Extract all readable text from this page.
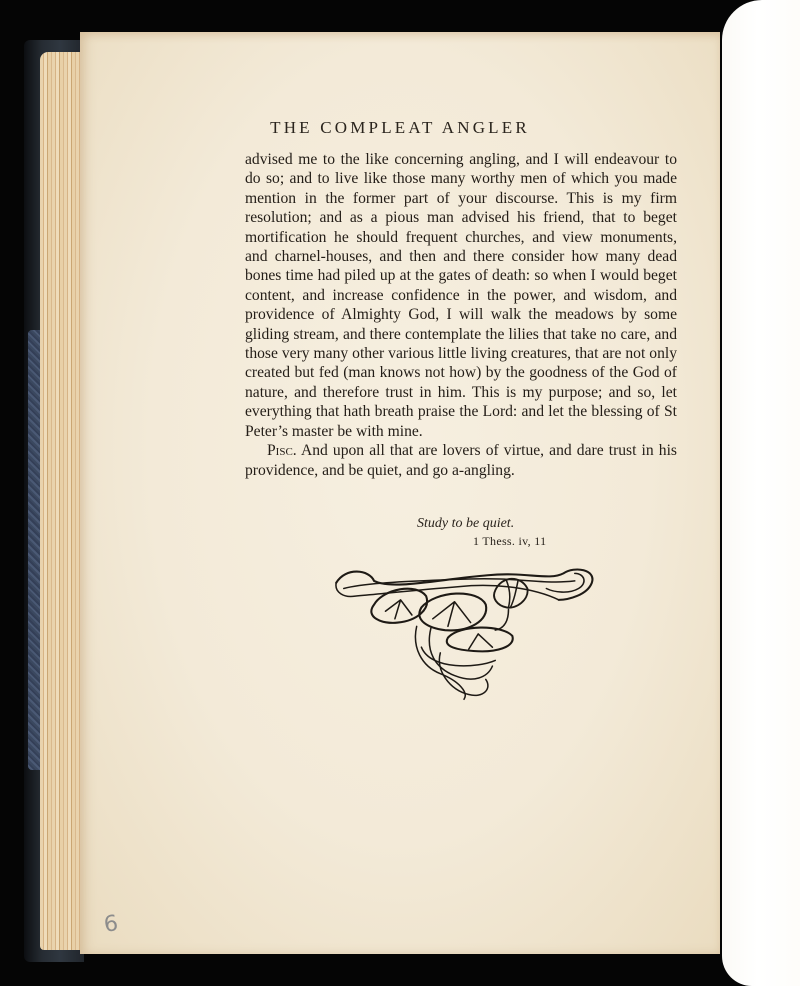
THE COMPLEAT ANGLER

advised me to the like concerning angling, and I will endeavour to do so; and to live like those many worthy men of which you made mention in the former part of your discourse. This is my firm resolution; and as a pious man advised his friend, that to beget mortification he should frequent churches, and view monuments, and charnel-houses, and then and there consider how many dead bones time had piled up at the gates of death: so when I would beget content, and increase confidence in the power, and wisdom, and providence of Almighty God, I will walk the meadows by some gliding stream, and there contemplate the lilies that take no care, and those very many other various little living creatures, that are not only created but fed (man knows not how) by the goodness of the God of nature, and therefore trust in him. This is my purpose; and so, let everything that hath breath praise the Lord: and let the blessing of St Peter’s master be with mine.

Pisc. And upon all that are lovers of virtue, and dare trust in his providence, and be quiet, and go a-angling.

Study to be quiet.
1 Thess. iv, 11
6
